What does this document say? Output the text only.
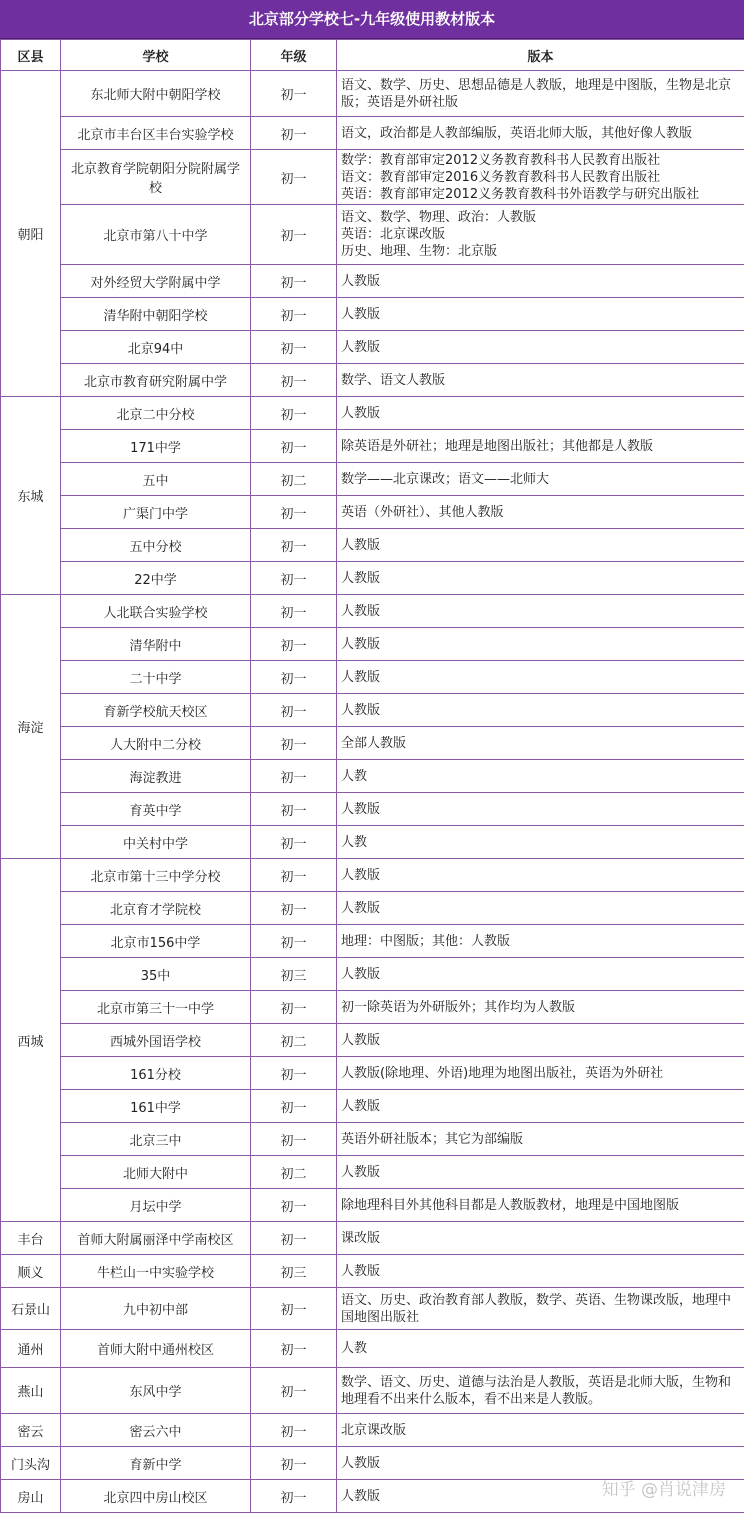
北京部分学校七-九年级使用教材版本
区县	学校	年级	版本
朝阳	东北师大附中朝阳学校	初一	语文、数学、历史、思想品德是人教版，地理是中图版，生物是北京版；英语是外研社版
	北京市丰台区丰台实验学校	初一	语文，政治都是人教部编版，英语北师大版，其他好像人教版
	北京教育学院朝阳分院附属学校	初一	数学：教育部审定2012义务教育教科书人民教育出版社
语文：教育部审定2016义务教育教科书人民教育出版社
英语：教育部审定2012义务教育教科书外语教学与研究出版社
	北京市第八十中学	初一	语文、数学、物理、政治：人教版
英语：北京课改版
历史、地理、生物：北京版
	对外经贸大学附属中学	初一	人教版
	清华附中朝阳学校	初一	人教版
	北京94中	初一	人教版
	北京市教育研究附属中学	初一	数学、语文人教版
东城	北京二中分校	初一	人教版
	171中学	初一	除英语是外研社；地理是地图出版社；其他都是人教版
	五中	初二	数学——北京课改；语文——北师大
	广渠门中学	初一	英语（外研社）、其他人教版
	五中分校	初一	人教版
	22中学	初一	人教版
海淀	人北联合实验学校	初一	人教版
	清华附中	初一	人教版
	二十中学	初一	人教版
	育新学校航天校区	初一	人教版
	人大附中二分校	初一	全部人教版
	海淀教进	初一	人教
	育英中学	初一	人教版
	中关村中学	初一	人教
西城	北京市第十三中学分校	初一	人教版
	北京育才学院校	初一	人教版
	北京市156中学	初一	地理：中图版；其他：人教版
	35中	初三	人教版
	北京市第三十一中学	初一	初一除英语为外研版外；其作均为人教版
	西城外国语学校	初二	人教版
	161分校	初一	人教版(除地理、外语)地理为地图出版社，英语为外研社
	161中学	初一	人教版
	北京三中	初一	英语外研社版本；其它为部编版
	北师大附中	初二	人教版
	月坛中学	初一	除地理科目外其他科目都是人教版教材，地理是中国地图版
丰台	首师大附属丽泽中学南校区	初一	课改版
顺义	牛栏山一中实验学校	初三	人教版
石景山	九中初中部	初一	语文、历史、政治教育部人教版，数学、英语、生物课改版，地理中国地图出版社
通州	首师大附中通州校区	初一	人教
燕山	东风中学	初一	数学、语文、历史、道德与法治是人教版，英语是北师大版，生物和地理看不出来什么版本，看不出来是人教版。
密云	密云六中	初一	北京课改版
门头沟	育新中学	初一	人教版
房山	北京四中房山校区	初一	人教版	知乎 @肖说津房
